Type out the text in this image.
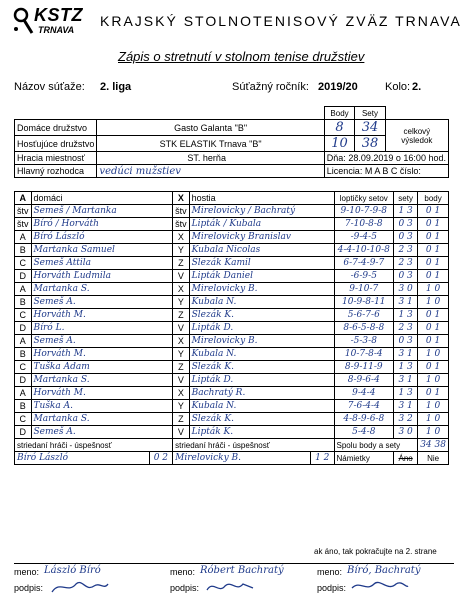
KSTZ
TRNAVA
KRAJSKÝ STOLNOTENISOVÝ ZVÄZ TRNAVA
Zápis o stretnutí v stolnom tenise družstiev
Názov súťaže: 2. liga	Súťažný ročník: 2019/20 Kolo: 2.
		Body	Sety	
Domáce družstvo	Gasto Galanta "B"	8	34	celkový výsledok
Hosťujúce družstvo	STK ELASTIK Trnava "B"	10	38	
Hracia miestnosť	ST. herňa	Dňa: 28.09.2019 o 16:00 hod.		
Hlavný rozhodca	vedúci mužstiev	Licencia: M A B C číslo:		
A	domáci		X	hostia		loptičky setov	sety	body
štv	Semeš / Martanka		štv	Mirelovicky / Bachratý		9-10-7-9-8	1 3	0 1
štv	Bíró / Horváth		štv	Lipták / Kubala		7-10-8-8	0 3	0 1
A	Bíró László		X	Mirelovicky Branislav		-9-4-5	0 3	0 1
B	Martanka Samuel		Y	Kubala Nicolas		4-4-10-10-8	2 3	0 1
C	Semeš Attila		Z	Slezák Kamil		6-7-4-9-7	2 3	0 1
D	Horváth Ľudmila		V	Lipták Daniel		-6-9-5	0 3	0 1
A	Martanka S.		X	Mirelovicky B.		9-10-7	3 0	1 0
B	Semeš A.		Y	Kubala N.		10-9-8-11	3 1	1 0
C	Horváth M.		Z	Slezák K.		5-6-7-6	1 3	0 1
D	Bíró L.		V	Lipták D.		8-6-5-8-8	2 3	0 1
A	Semeš A.		X	Mirelovicky B.		-5-3-8	0 3	0 1
B	Horváth M.		Y	Kubala N.		10-7-8-4	3 1	1 0
C	Tuška Adam		Z	Slezák K.		8-9-11-9	1 3	0 1
D	Martanka S.		V	Lipták D.		8-9-6-4	3 1	1 0
A	Horváth M.		X	Bachratý R.		9-4-4	1 3	0 1
B	Tuška A.		Y	Kubala N.		7-6-4-4	3 1	1 0
C	Martanka S.		Z	Slezák K.		4-8-9-6-8	3 2	1 0
D	Semeš A.		V	Lipták K.		5-4-8	3 0	1 0
striedaní hráči - úspešnosť			striedaní hráči - úspešnosť			Spolu body a sety		34 38
Bíró László		0 2	Mirelovicky B.		1 2	Námietky	Áno	Nie
ak áno, tak pokračujte na 2. strane
meno: László Bíró	meno: Róbert Bachratý	meno: Bíró, Bachratý
podpis:	podpis:	podpis:
